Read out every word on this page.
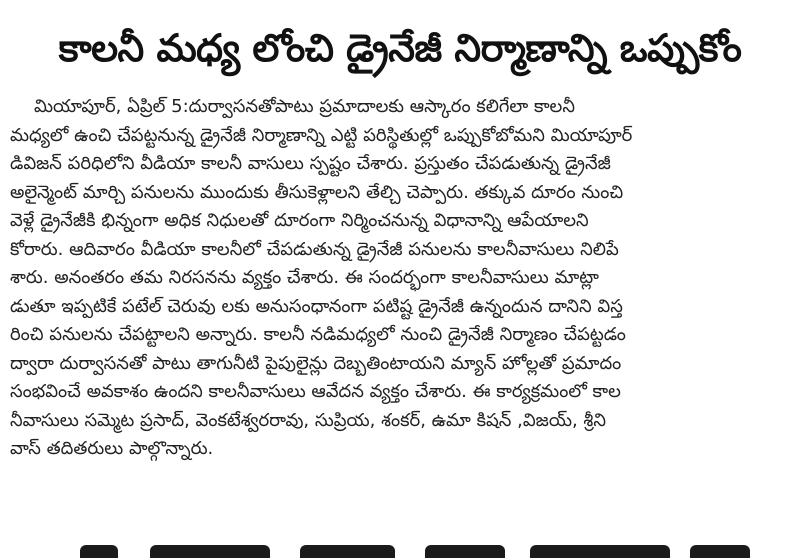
కాలనీ మధ్య లోంచి డ్రైనేజీ నిర్మాణాన్ని ఒప్పుకోం
మియాపూర్, ఏప్రిల్ 5:దుర్వాసనతోపాటు ప్రమాదాలకు ఆస్కారం కలిగేలా కాలనీ
మధ్యలో ఉంచి చేపట్టనున్న డ్రైనేజీ నిర్మాణాన్ని ఎట్టి పరిస్థితుల్లో ఒప్పుకోబోమని మియాపూర్
డివిజన్ పరిధిలోని వీడియా కాలనీ వాసులు స్పష్టం చేశారు. ప్రస్తుతం చేపడుతున్న డ్రైనేజీ
అలైన్మెంట్ మార్చి పనులను ముందుకు తీసుకెళ్లాలని తేల్చి చెప్పారు. తక్కువ దూరం నుంచి
వెళ్లే డ్రైనేజీకి భిన్నంగా అధిక నిధులతో దూరంగా నిర్మించనున్న విధానాన్ని ఆపేయాలని
కోరారు. ఆదివారం వీడియా కాలనీలో చేపడుతున్న డ్రైనేజీ పనులను కాలనీవాసులు నిలిపే
శారు. అనంతరం తమ నిరసనను వ్యక్తం చేశారు. ఈ సందర్భంగా కాలనీవాసులు మాట్లా
డుతూ ఇప్పటికే పటేల్ చెరువు లకు అనుసంధానంగా పటిష్ట డ్రైనేజీ ఉన్నందున దానిని విస్త
రించి పనులను చేపట్టాలని అన్నారు. కాలనీ నడిమధ్యలో నుంచి డ్రైనేజీ నిర్మాణం చేపట్టడం
ద్వారా దుర్వాసనతో పాటు తాగునీటి పైపులైన్లు దెబ్బతింటాయని మ్యాన్ హోల్లతో ప్రమాదం
సంభవించే అవకాశం ఉందని కాలనీవాసులు ఆవేదన వ్యక్తం చేశారు. ఈ కార్యక్రమంలో కాల
నీవాసులు సమ్మెట ప్రసాద్, వెంకటేశ్వరరావు, సుప్రియ, శంకర్, ఉమా కిషన్ ,విజయ్, శ్రీని
వాస్ తదితరులు పాల్గొన్నారు.
